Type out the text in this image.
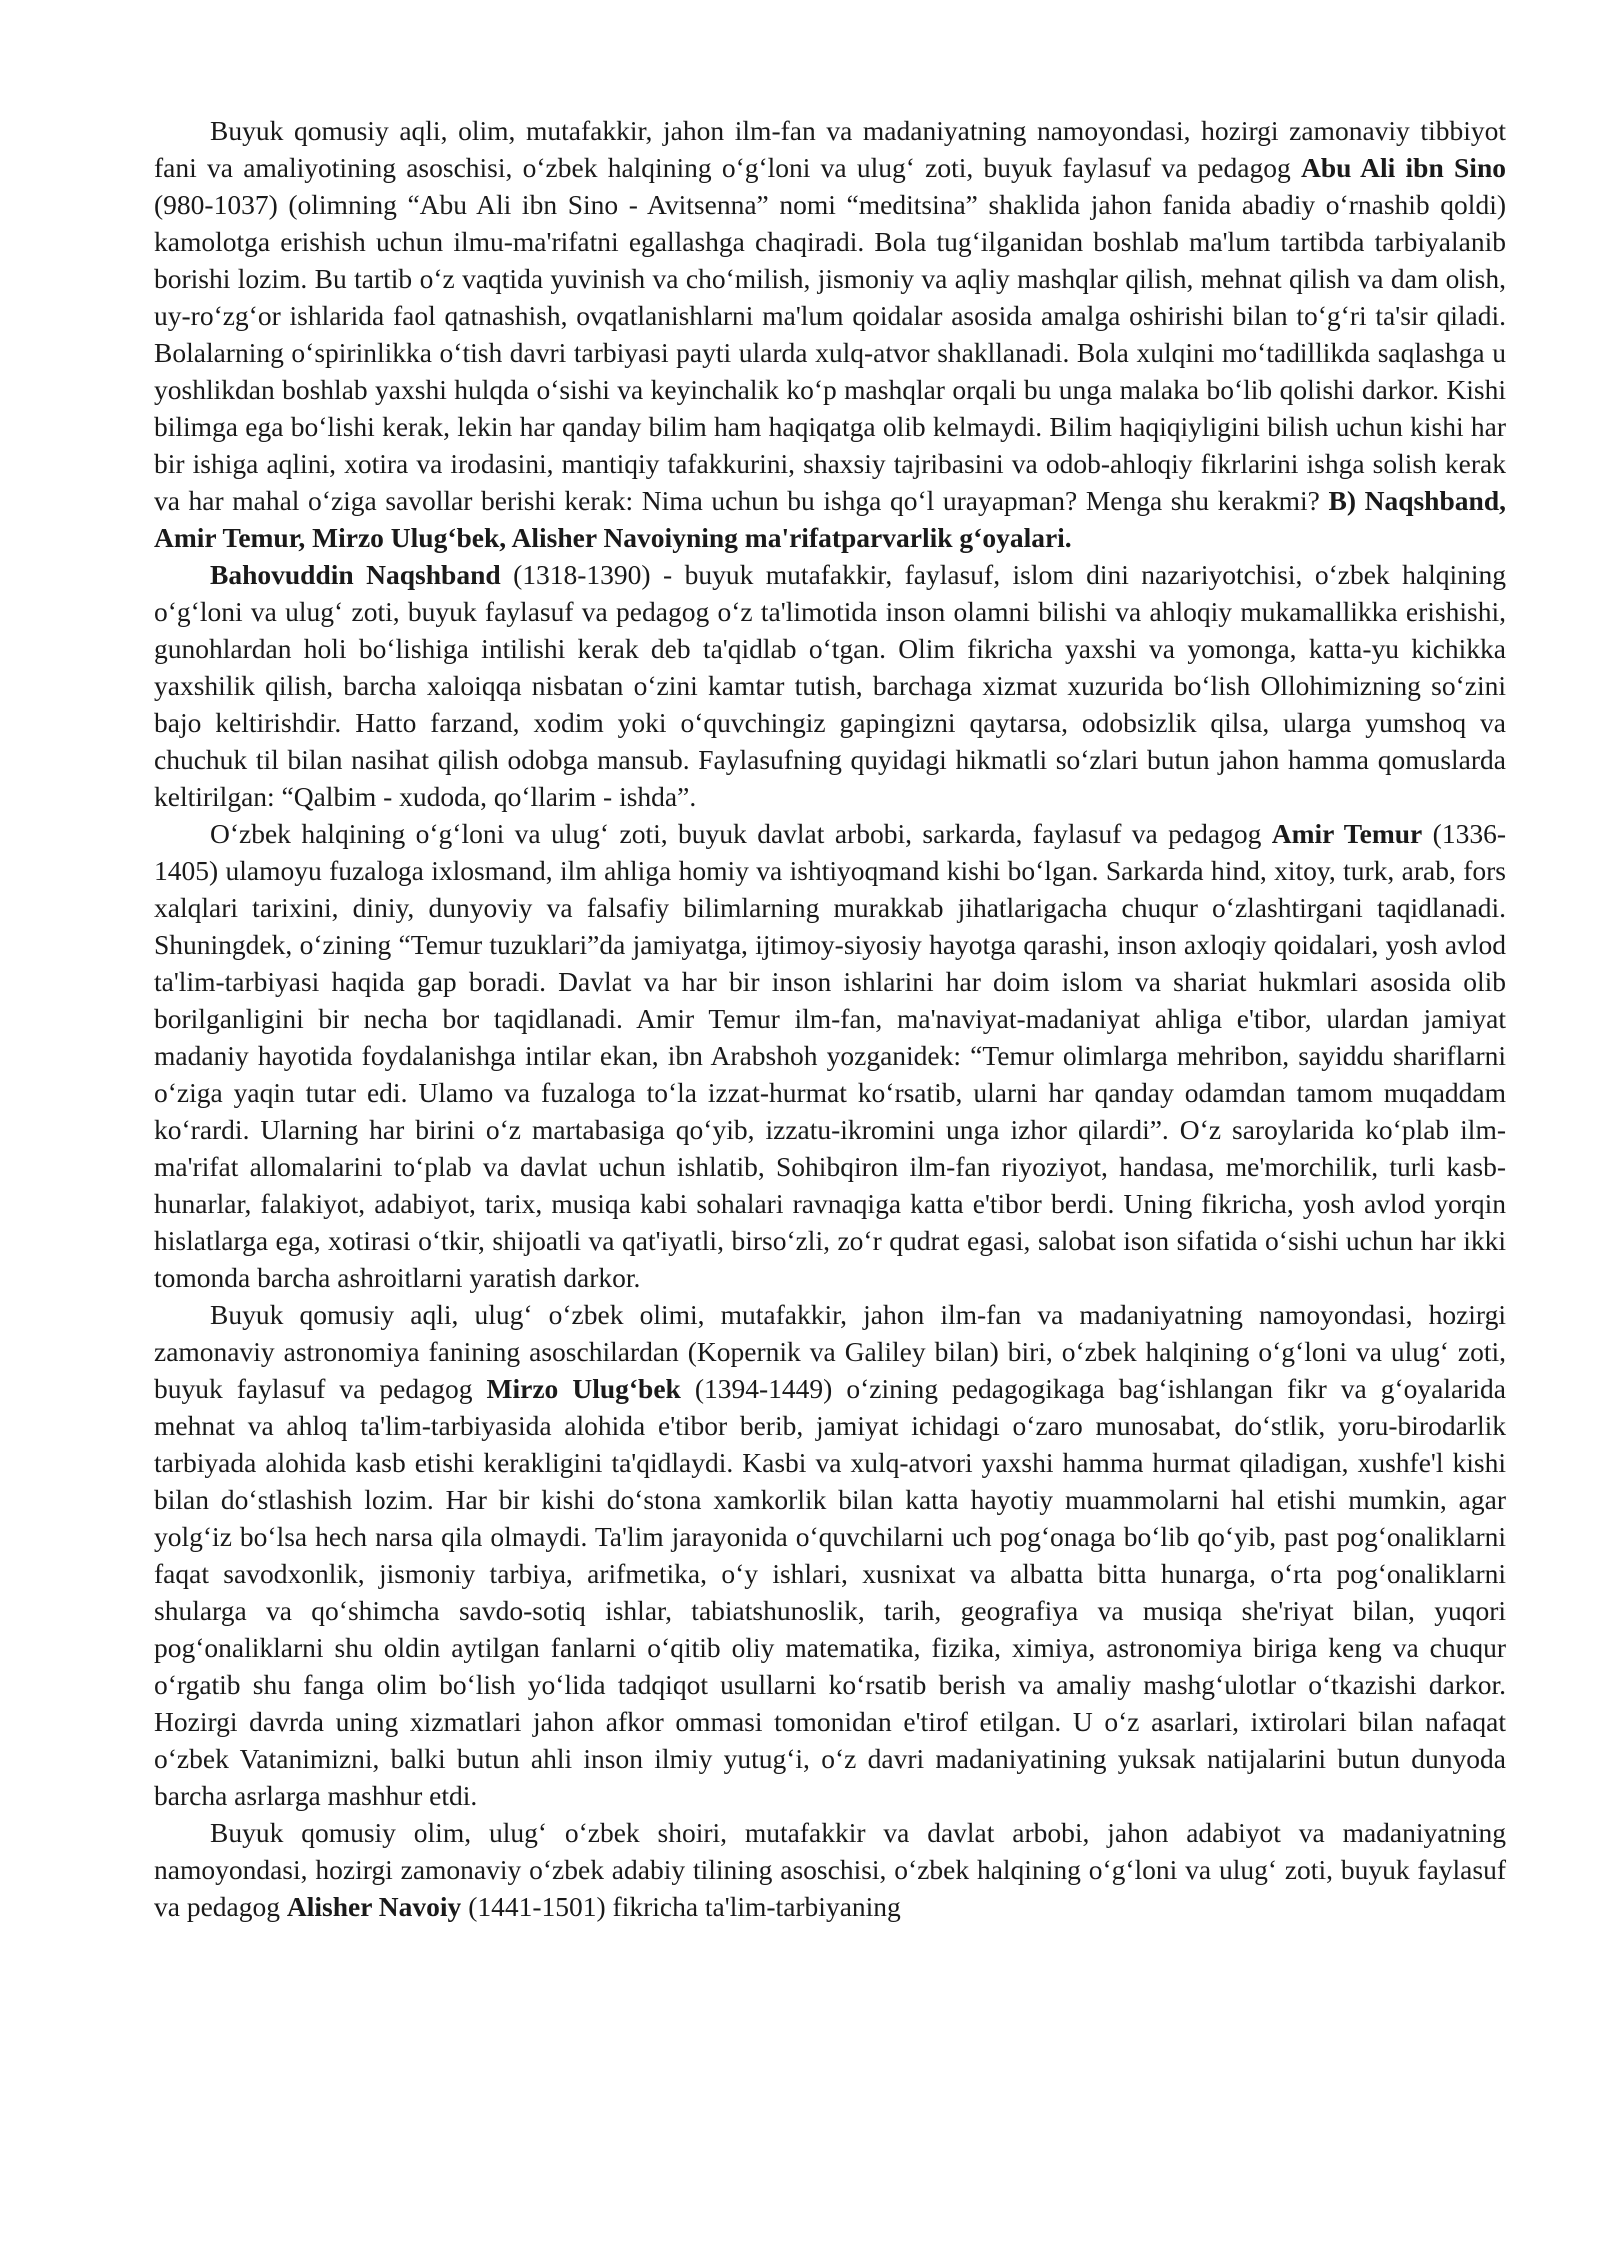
Buyuk qomusiy aqli, olim, mutafakkir, jahon ilm-fan va madaniyatning namoyondasi, hozirgi zamonaviy tibbiyot fani va amaliyotining asoschisi, o‘zbek halqining o‘g‘loni va ulug‘ zoti, buyuk faylasuf va pedagog Abu Ali ibn Sino (980-1037) (olimning “Abu Ali ibn Sino - Avitsenna” nomi “meditsina” shaklida jahon fanida abadiy o‘rnashib qoldi) kamolotga erishish uchun ilmu-ma'rifatni egallashga chaqiradi. Bola tug‘ilganidan boshlab ma'lum tartibda tarbiyalanib borishi lozim. Bu tartib o‘z vaqtida yuvinish va cho‘milish, jismoniy va aqliy mashqlar qilish, mehnat qilish va dam olish, uy-ro‘zg‘or ishlarida faol qatnashish, ovqatlanishlarni ma'lum qoidalar asosida amalga oshirishi bilan to‘g‘ri ta'sir qiladi. Bolalarning o‘spirinlikka o‘tish davri tarbiyasi payti ularda xulq-atvor shakllanadi. Bola xulqini mo‘tadillikda saqlashga u yoshlikdan boshlab yaxshi hulqda o‘sishi va keyinchalik ko‘p mashqlar orqali bu unga malaka bo‘lib qolishi darkor. Kishi bilimga ega bo‘lishi kerak, lekin har qanday bilim ham haqiqatga olib kelmaydi. Bilim haqiqiyligini bilish uchun kishi har bir ishiga aqlini, xotira va irodasini, mantiqiy tafakkurini, shaxsiy tajribasini va odob-ahloqiy fikrlarini ishga solish kerak va har mahal o‘ziga savollar berishi kerak: Nima uchun bu ishga qo‘l urayapman? Menga shu kerakmi? B) Naqshband, Amir Temur, Mirzo Ulug‘bek, Alisher Navoiyning ma'rifatparvarlik g‘oyalari.

Bahovuddin Naqshband (1318-1390) - buyuk mutafakkir, faylasuf, islom dini nazariyotchisi, o‘zbek halqining o‘g‘loni va ulug‘ zoti, buyuk faylasuf va pedagog o‘z ta'limotida inson olamni bilishi va ahloqiy mukamallikka erishishi, gunohlardan holi bo‘lishiga intilishi kerak deb ta'qidlab o‘tgan. Olim fikricha yaxshi va yomonga, katta-yu kichikka yaxshilik qilish, barcha xaloiqqa nisbatan o‘zini kamtar tutish, barchaga xizmat xuzurida bo‘lish Ollohimizning so‘zini bajo keltirishdir. Hatto farzand, xodim yoki o‘quvchingiz gapingizni qaytarsa, odobsizlik qilsa, ularga yumshoq va chuchuk til bilan nasihat qilish odobga mansub. Faylasufning quyidagi hikmatli so‘zlari butun jahon hamma qomuslarda keltirilgan: “Qalbim - xudoda, qo‘llarim - ishda”.

O‘zbek halqining o‘g‘loni va ulug‘ zoti, buyuk davlat arbobi, sarkarda, faylasuf va pedagog Amir Temur (1336-1405) ulamoyu fuzaloga ixlosmand, ilm ahliga homiy va ishtiyoqmand kishi bo‘lgan. Sarkarda hind, xitoy, turk, arab, fors xalqlari tarixini, diniy, dunyoviy va falsafiy bilimlarning murakkab jihatlarigacha chuqur o‘zlashtirgani taqidlanadi. Shuningdek, o‘zining “Temur tuzuklari”da jamiyatga, ijtimoy-siyosiy hayotga qarashi, inson axloqiy qoidalari, yosh avlod ta'lim-tarbiyasi haqida gap boradi. Davlat va har bir inson ishlarini har doim islom va shariat hukmlari asosida olib borilganligini bir necha bor taqidlanadi. Amir Temur ilm-fan, ma'naviyat-madaniyat ahliga e'tibor, ulardan jamiyat madaniy hayotida foydalanishga intilar ekan, ibn Arabshoh yozganidek: “Temur olimlarga mehribon, sayiddu shariflarni o‘ziga yaqin tutar edi. Ulamo va fuzaloga to‘la izzat-hurmat ko‘rsatib, ularni har qanday odamdan tamom muqaddam ko‘rardi. Ularning har birini o‘z martabasiga qo‘yib, izzatu-ikromini unga izhor qilardi”. O‘z saroylarida ko‘plab ilm-ma'rifat allomalarini to‘plab va davlat uchun ishlatib, Sohibqiron ilm-fan riyoziyot, handasa, me'morchilik, turli kasb-hunarlar, falakiyot, adabiyot, tarix, musiqa kabi sohalari ravnaqiga katta e'tibor berdi. Uning fikricha, yosh avlod yorqin hislatlarga ega, xotirasi o‘tkir, shijoatli va qat'iyatli, birso‘zli, zo‘r qudrat egasi, salobat ison sifatida o‘sishi uchun har ikki tomonda barcha ashroitlarni yaratish darkor.

Buyuk qomusiy aqli, ulug‘ o‘zbek olimi, mutafakkir, jahon ilm-fan va madaniyatning namoyondasi, hozirgi zamonaviy astronomiya fanining asoschilardan (Kopernik va Galiley bilan) biri, o‘zbek halqining o‘g‘loni va ulug‘ zoti, buyuk faylasuf va pedagog Mirzo Ulug‘bek (1394-1449) o‘zining pedagogikaga bag‘ishlangan fikr va g‘oyalarida mehnat va ahloq ta'lim-tarbiyasida alohida e'tibor berib, jamiyat ichidagi o‘zaro munosabat, do‘stlik, yoru-birodarlik tarbiyada alohida kasb etishi kerakligini ta'qidlaydi. Kasbi va xulq-atvori yaxshi hamma hurmat qiladigan, xushfe'l kishi bilan do‘stlashish lozim. Har bir kishi do‘stona xamkorlik bilan katta hayotiy muammolarni hal etishi mumkin, agar yolg‘iz bo‘lsa hech narsa qila olmaydi. Ta'lim jarayonida o‘quvchilarni uch pog‘onaga bo‘lib qo‘yib, past pog‘onaliklarni faqat savodxonlik, jismoniy tarbiya, arifmetika, o‘y ishlari, xusnixat va albatta bitta hunarga, o‘rta pog‘onaliklarni shularga va qo‘shimcha savdo-sotiq ishlar, tabiatshunoslik, tarih, geografiya va musiqa she'riyat bilan, yuqori pog‘onaliklarni shu oldin aytilgan fanlarni o‘qitib oliy matematika, fizika, ximiya, astronomiya biriga keng va chuqur o‘rgatib shu fanga olim bo‘lish yo‘lida tadqiqot usullarni ko‘rsatib berish va amaliy mashg‘ulotlar o‘tkazishi darkor. Hozirgi davrda uning xizmatlari jahon afkor ommasi tomonidan e'tirof etilgan. U o‘z asarlari, ixtirolari bilan nafaqat o‘zbek Vatanimizni, balki butun ahli inson ilmiy yutug‘i, o‘z davri madaniyatining yuksak natijalarini butun dunyoda barcha asrlarga mashhur etdi.

Buyuk qomusiy olim, ulug‘ o‘zbek shoiri, mutafakkir va davlat arbobi, jahon adabiyot va madaniyatning namoyondasi, hozirgi zamonaviy o‘zbek adabiy tilining asoschisi, o‘zbek halqining o‘g‘loni va ulug‘ zoti, buyuk faylasuf va pedagog Alisher Navoiy (1441-1501) fikricha ta'lim-tarbiyaning
